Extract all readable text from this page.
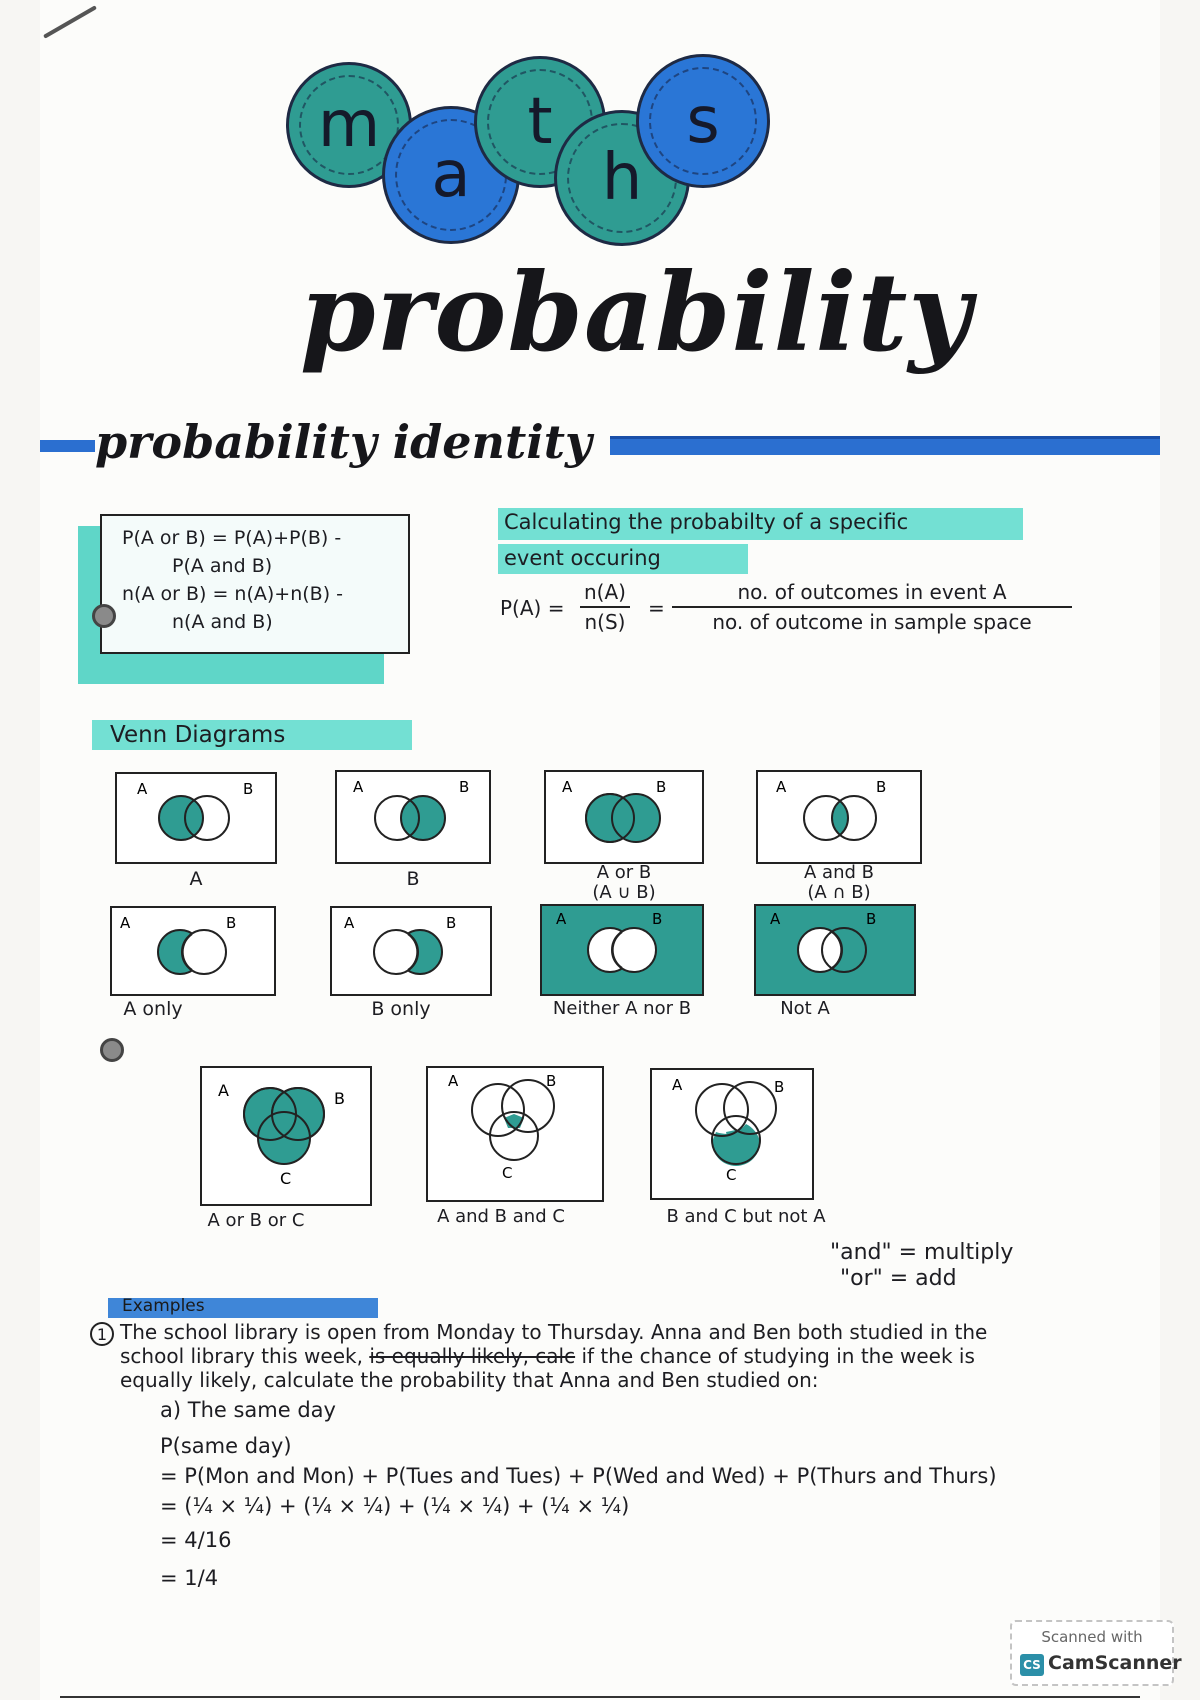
m
a
t
h
s
probability
probability identity
P(A or B) = P(A)+P(B) -
P(A and B)
n(A or B) = n(A)+n(B) -
n(A and B)
Calculating the probabilty of a specific
event occuring
$P(A) = \frac{n(A)}{n(S)}$ =
no. of outcomes in event A
no. of outcome in sample space
Venn Diagrams
A	B
A
A	B
B
A	B
A or B
(A ∪ B)
A	B
A and B
(A ∩ B)
A	B
A only
A	B
B only
A	B
Neither A nor B
A	B
Not A
A	B
C
A or B or C
A	B
C
A and B and C
A	B
C
B and C but not A
"and" = multiply
"or" = add
Examples
1 The school library is open from Monday to Thursday. Anna and Ben both studied in the
school library this week, is equally likely, calc if the chance of studying in the week is
equally likely, calculate the probability that Anna and Ben studied on:
a) The same day
P(same day)
= P(Mon and Mon) + P(Tues and Tues) + P(Wed and Wed) + P(Thurs and Thurs)
= (¼ × ¼) + (¼ × ¼) + (¼ × ¼) + (¼ × ¼)
= 4/16
= 1/4
Scanned with
CS CamScanner
